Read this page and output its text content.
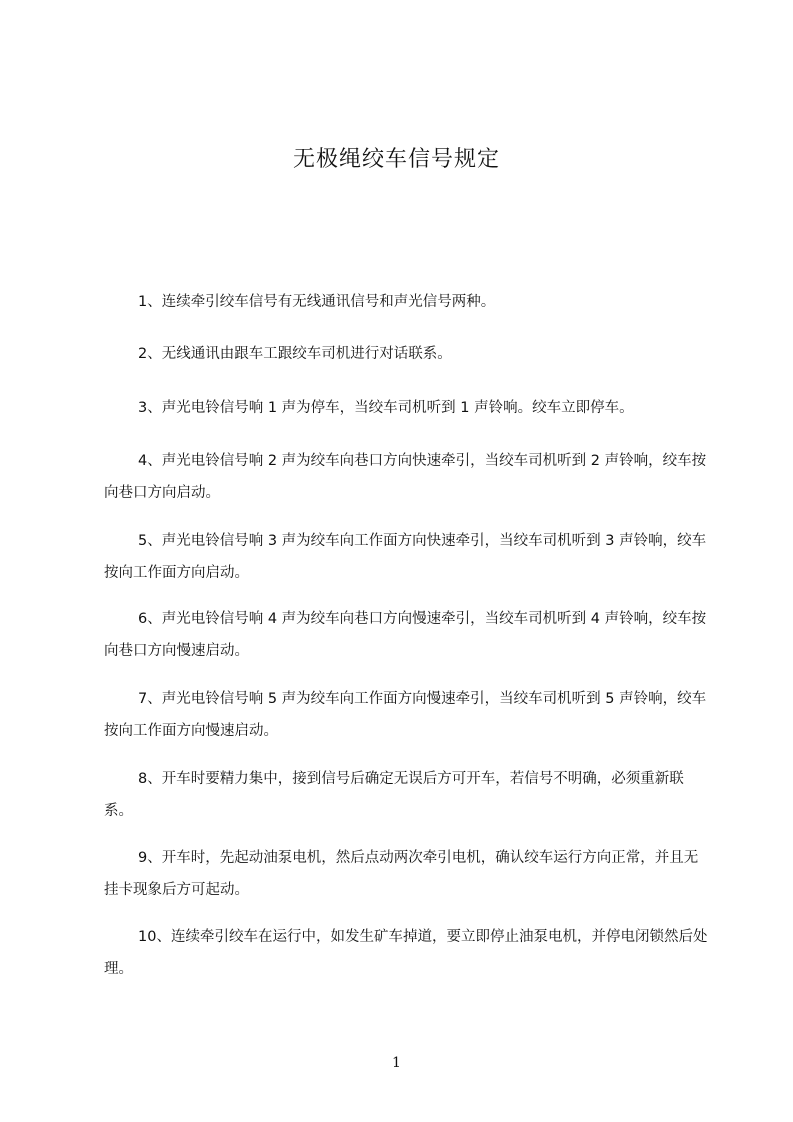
无极绳绞车信号规定

1、连续牵引绞车信号有无线通讯信号和声光信号两种。

2、无线通讯由跟车工跟绞车司机进行对话联系。

3、声光电铃信号响 1 声为停车，当绞车司机听到 1 声铃响。绞车立即停车。

4、声光电铃信号响 2 声为绞车向巷口方向快速牵引，当绞车司机听到 2 声铃响，绞车按向巷口方向启动。

5、声光电铃信号响 3 声为绞车向工作面方向快速牵引，当绞车司机听到 3 声铃响，绞车按向工作面方向启动。

6、声光电铃信号响 4 声为绞车向巷口方向慢速牵引，当绞车司机听到 4 声铃响，绞车按向巷口方向慢速启动。

7、声光电铃信号响 5 声为绞车向工作面方向慢速牵引，当绞车司机听到 5 声铃响，绞车按向工作面方向慢速启动。

8、开车时要精力集中，接到信号后确定无误后方可开车，若信号不明确，必须重新联系。

9、开车时，先起动油泵电机，然后点动两次牵引电机，确认绞车运行方向正常，并且无挂卡现象后方可起动。

10、连续牵引绞车在运行中，如发生矿车掉道，要立即停止油泵电机，并停电闭锁然后处理。

1
